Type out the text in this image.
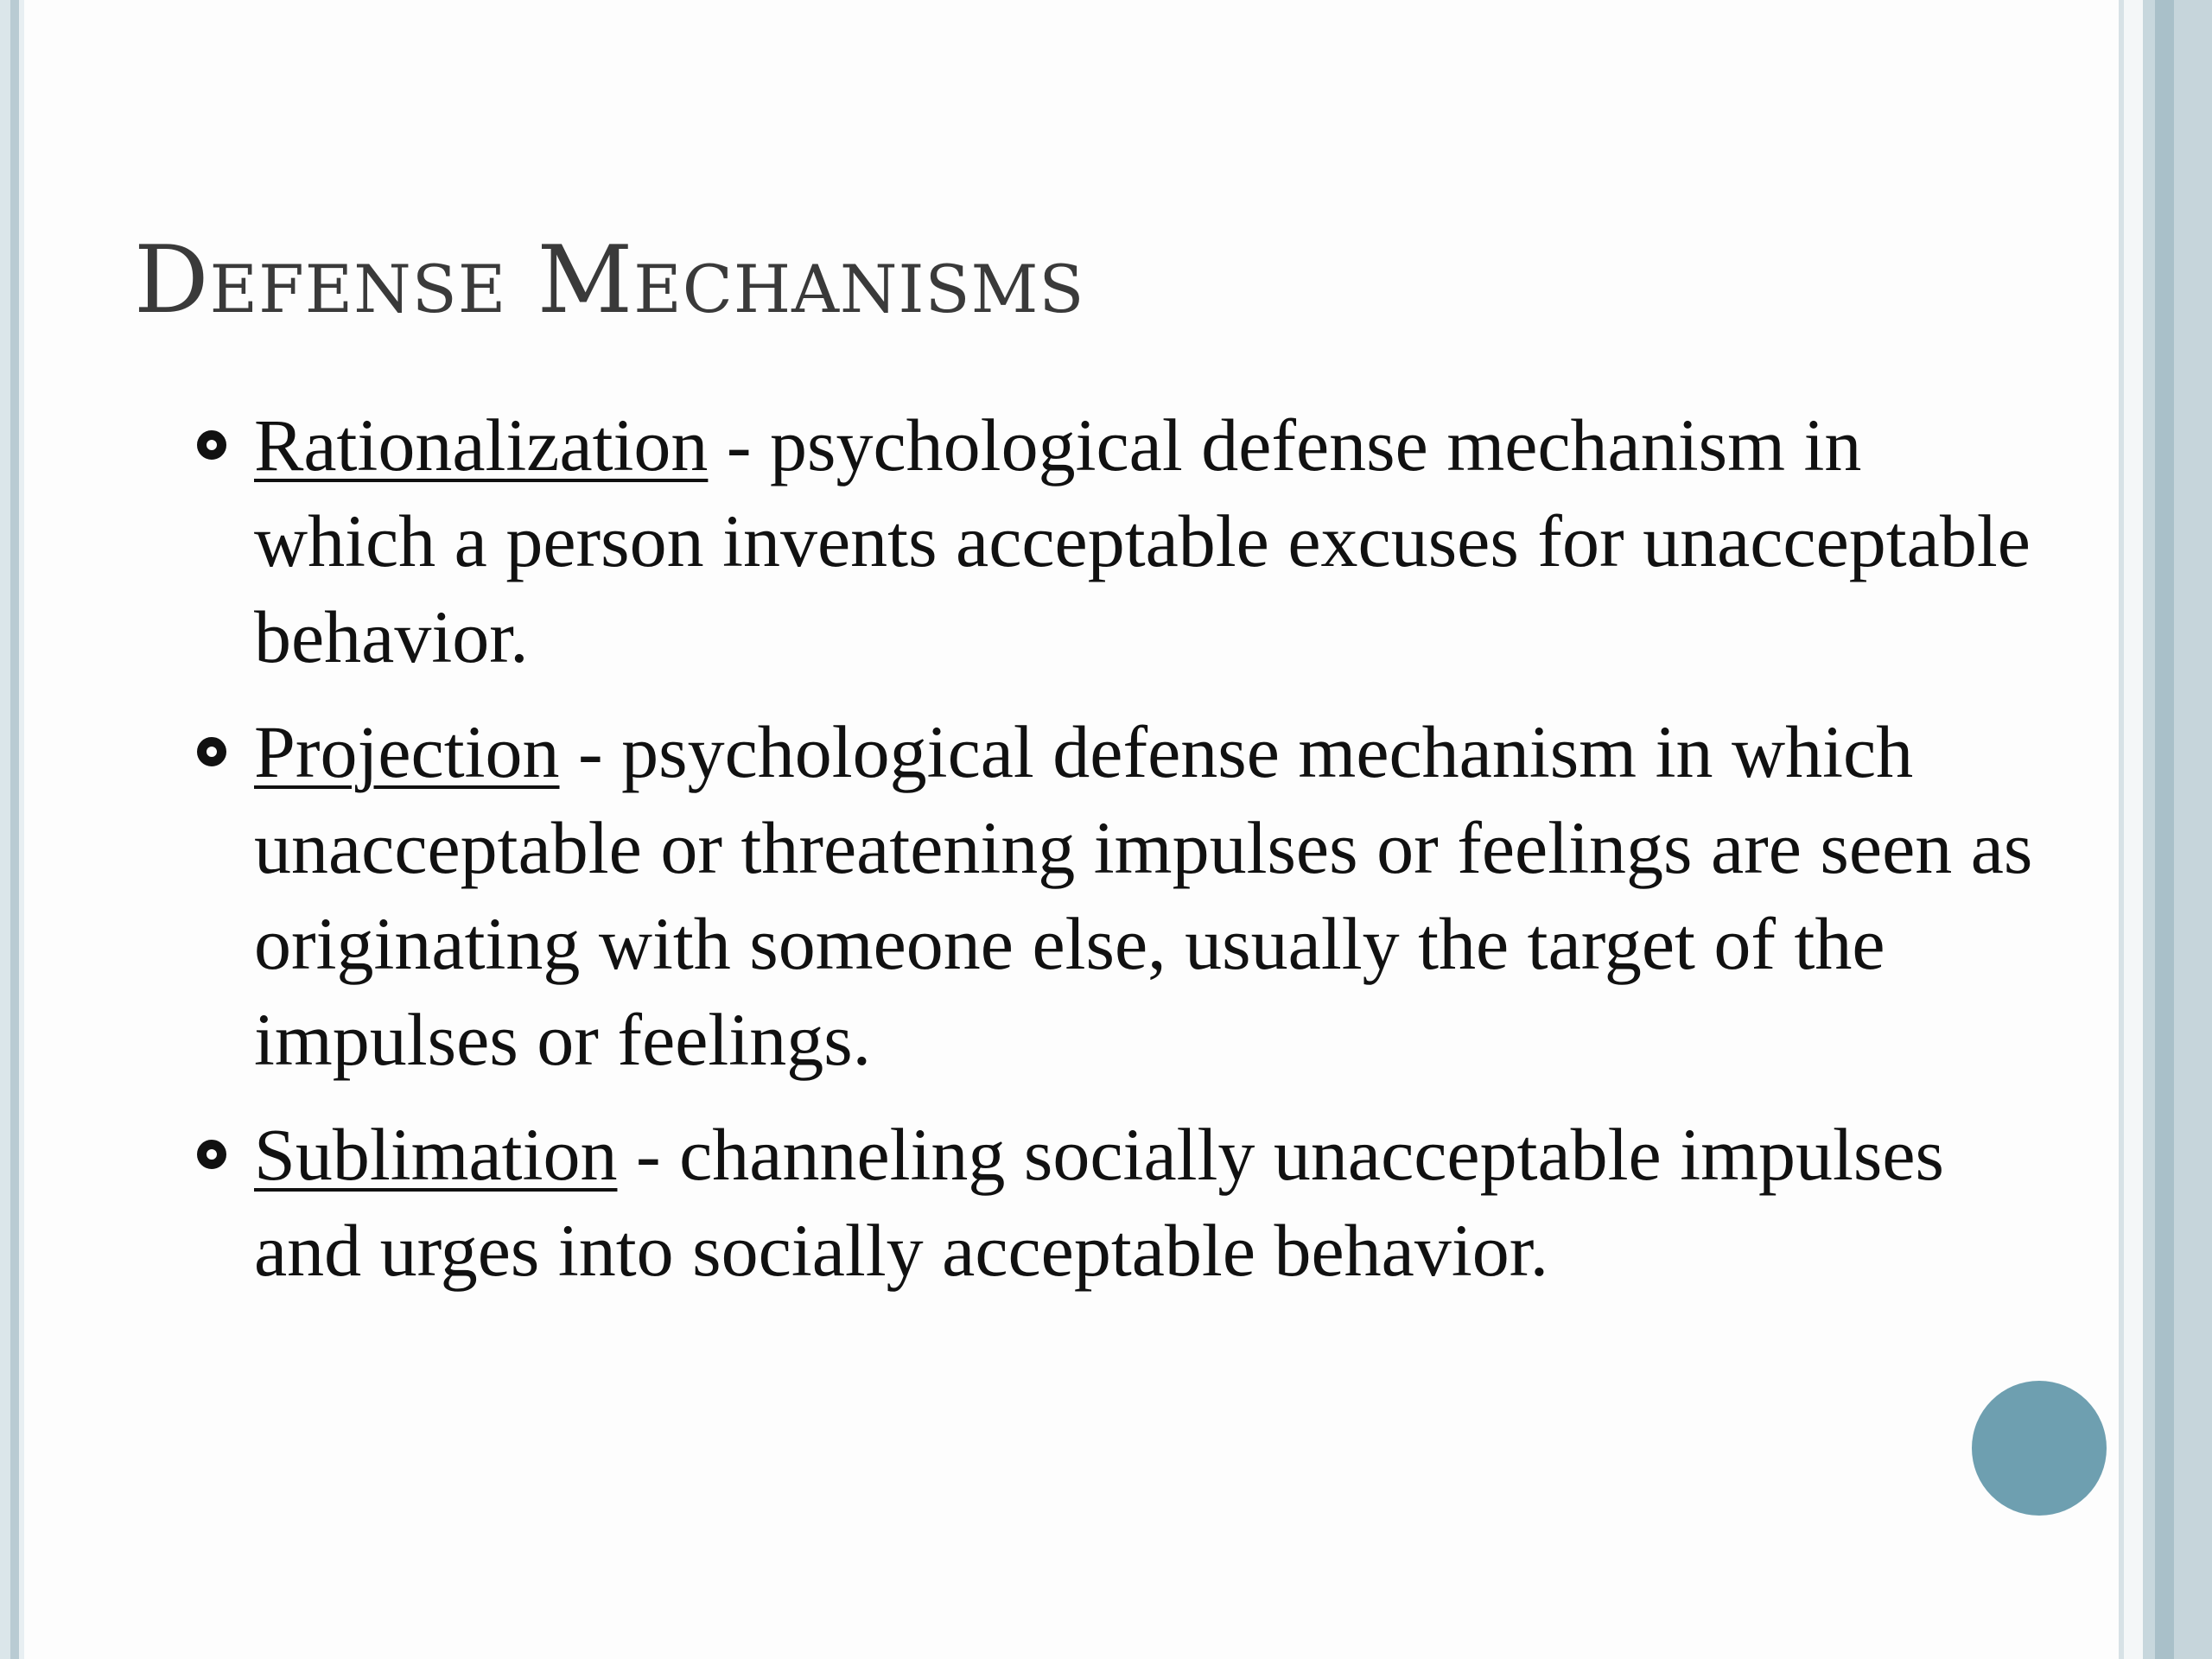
Defense Mechanisms
Rationalization - psychological defense mechanism in which a person invents acceptable excuses for unacceptable behavior.
Projection - psychological defense mechanism in which unacceptable or threatening impulses or feelings are seen as originating with someone else, usually the target of the impulses or feelings.
Sublimation - channeling socially unacceptable impulses and urges into socially acceptable behavior.
